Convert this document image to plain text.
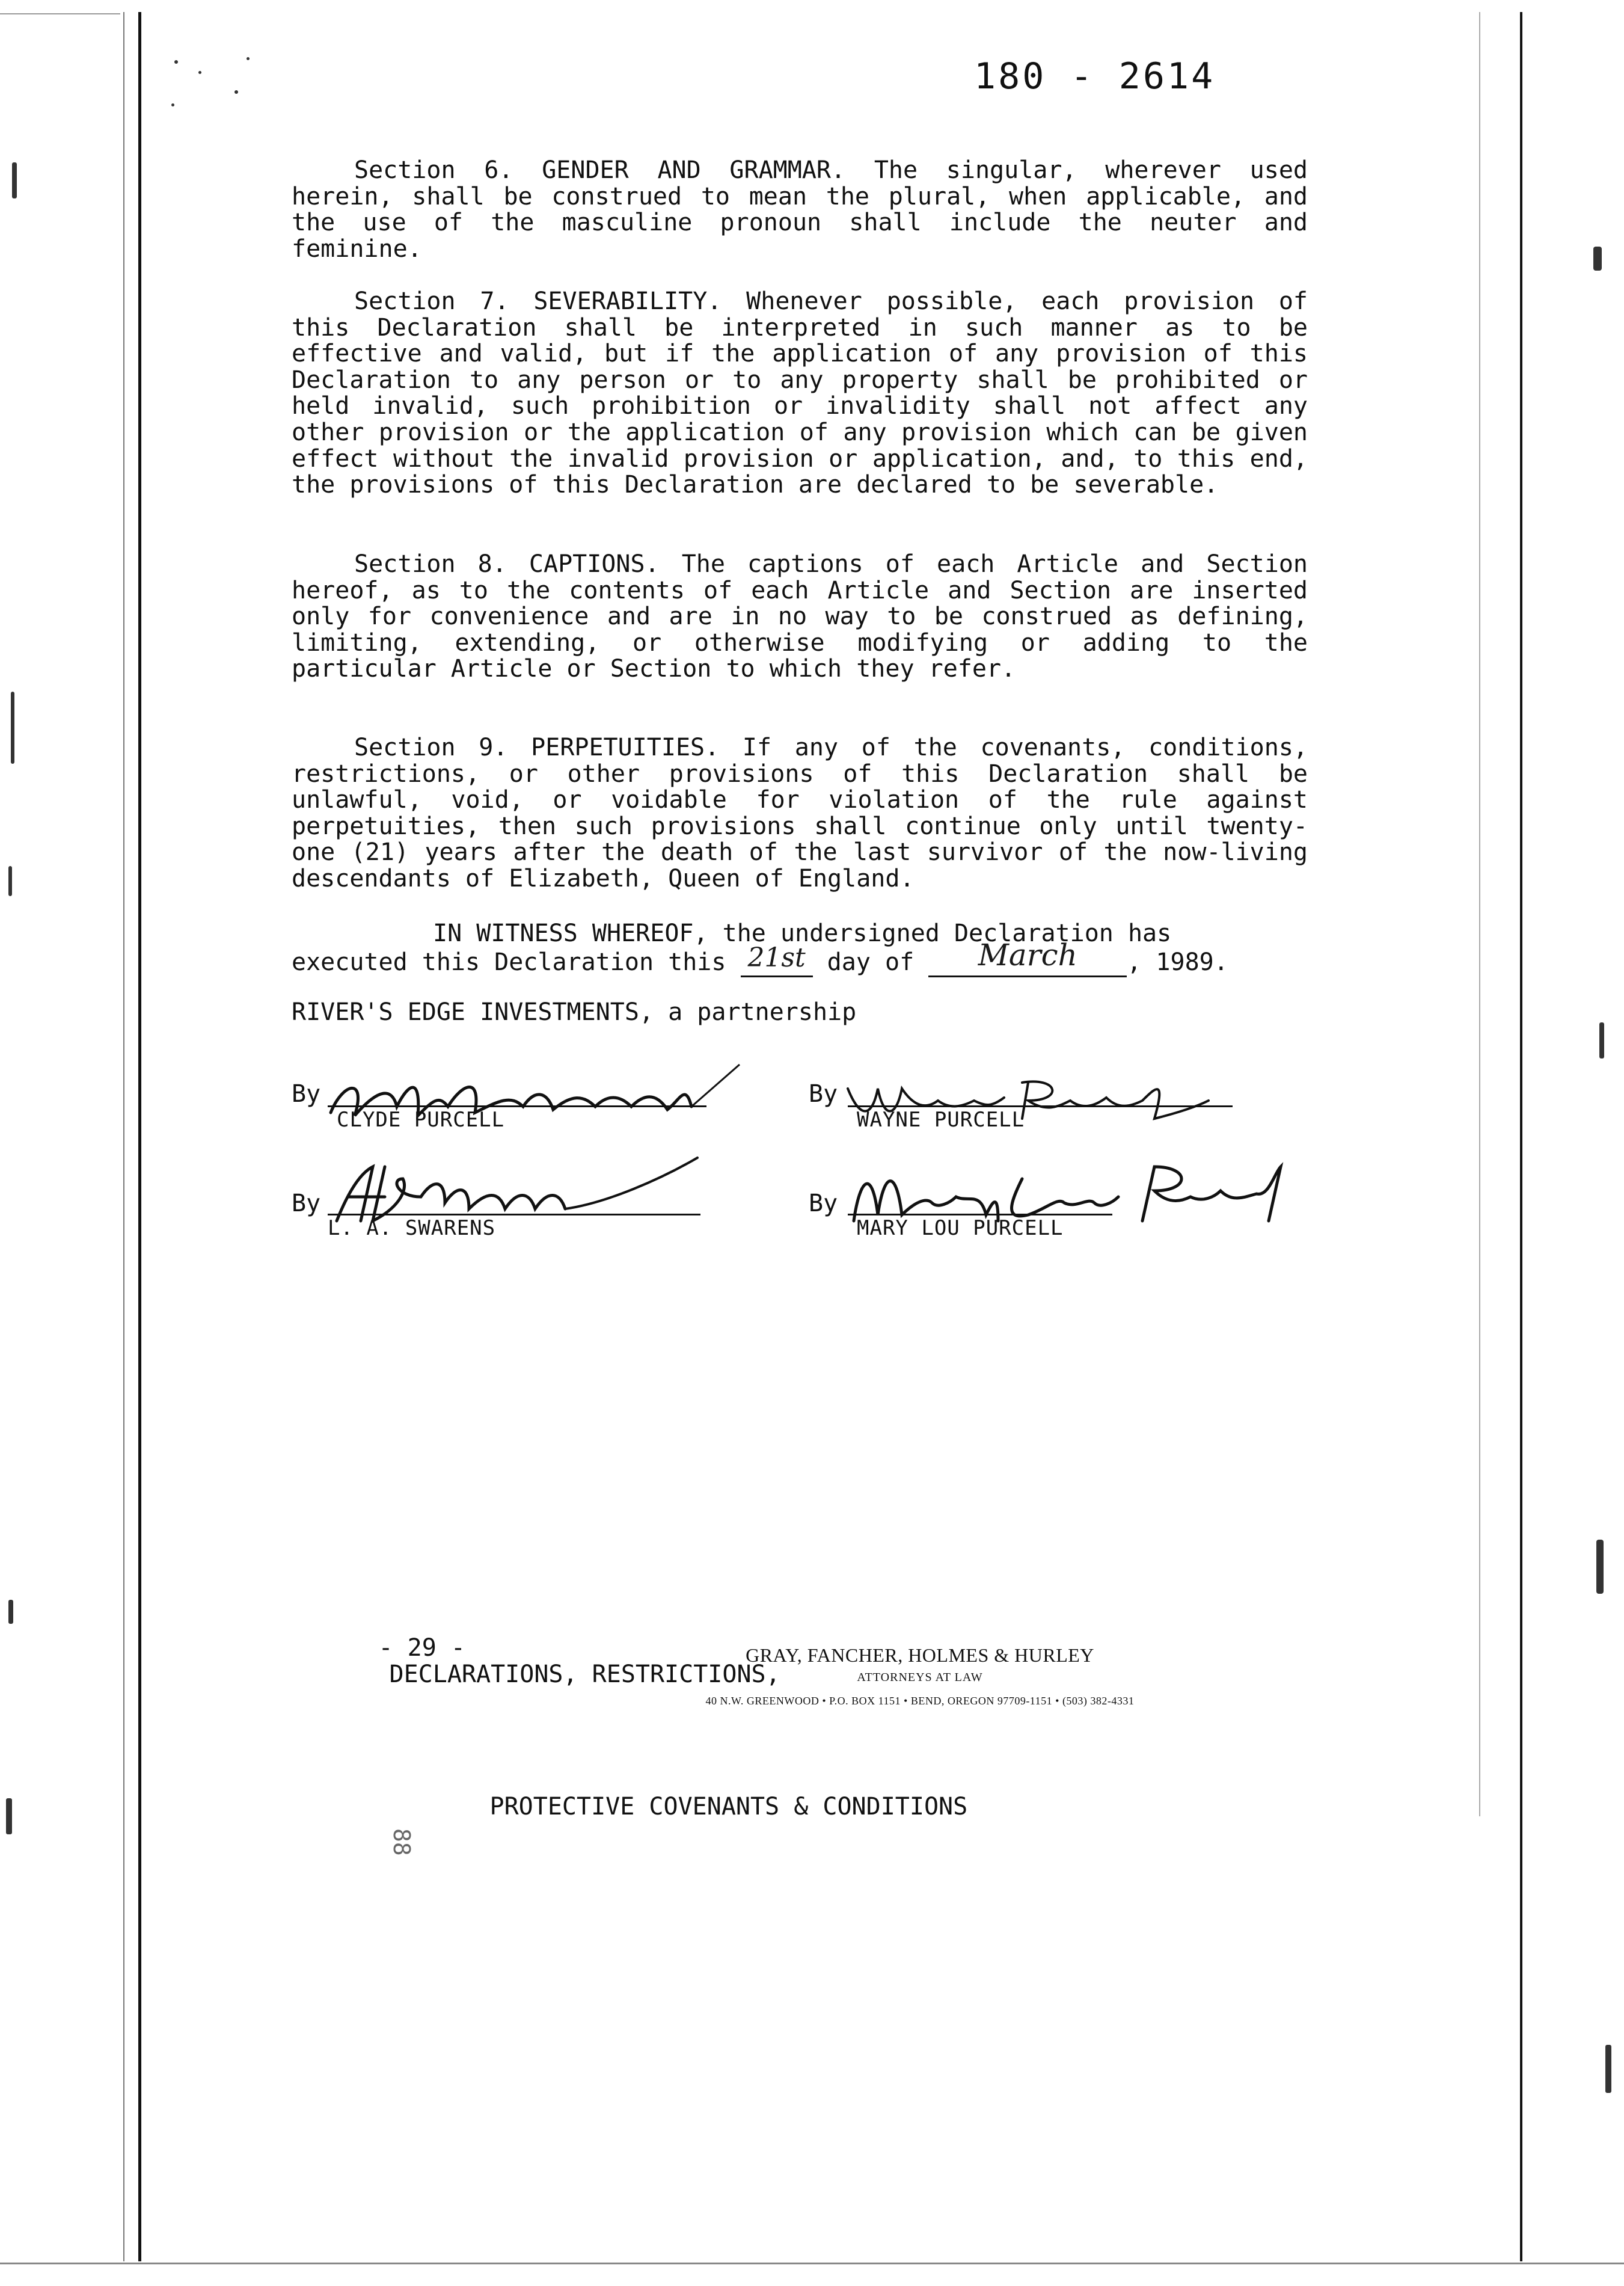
180 - 2614

Section 6. GENDER AND GRAMMAR. The singular, wherever used herein, shall be construed to mean the plural, when applicable, and the use of the masculine pronoun shall include the neuter and feminine.

Section 7. SEVERABILITY. Whenever possible, each provision of this Declaration shall be interpreted in such manner as to be effective and valid, but if the application of any provision of this Declaration to any person or to any property shall be prohibited or held invalid, such prohibition or invalidity shall not affect any other provision or the application of any provision which can be given effect without the invalid provision or application, and, to this end, the provisions of this Declaration are declared to be severable.

Section 8. CAPTIONS. The captions of each Article and Section hereof, as to the contents of each Article and Section are inserted only for convenience and are in no way to be construed as defining, limiting, extending, or otherwise modifying or adding to the particular Article or Section to which they refer.

Section 9. PERPETUITIES. If any of the covenants, conditions, restrictions, or other provisions of this Declaration shall be unlawful, void, or voidable for violation of the rule against perpetuities, then such provisions shall continue only until twenty-one (21) years after the death of the last survivor of the now-living descendants of Elizabeth, Queen of England.

IN WITNESS WHEREOF, the undersigned Declaration has
executed this Declaration this 21st day of March , 1989.
RIVER'S EDGE INVESTMENTS, a partnership
By
CLYDE PURCELL
By
WAYNE PURCELL
By
L. A. SWARENS
By
MARY LOU PURCELL

- 29 -
DECLARATIONS, RESTRICTIONS,

PROTECTIVE COVENANTS & CONDITIONS

GRAY, FANCHER, HOLMES & HURLEY
ATTORNEYS AT LAW
40 N.W. GREENWOOD • P.O. BOX 1151 • BEND, OREGON 97709-1151 • (503) 382-4331
88
